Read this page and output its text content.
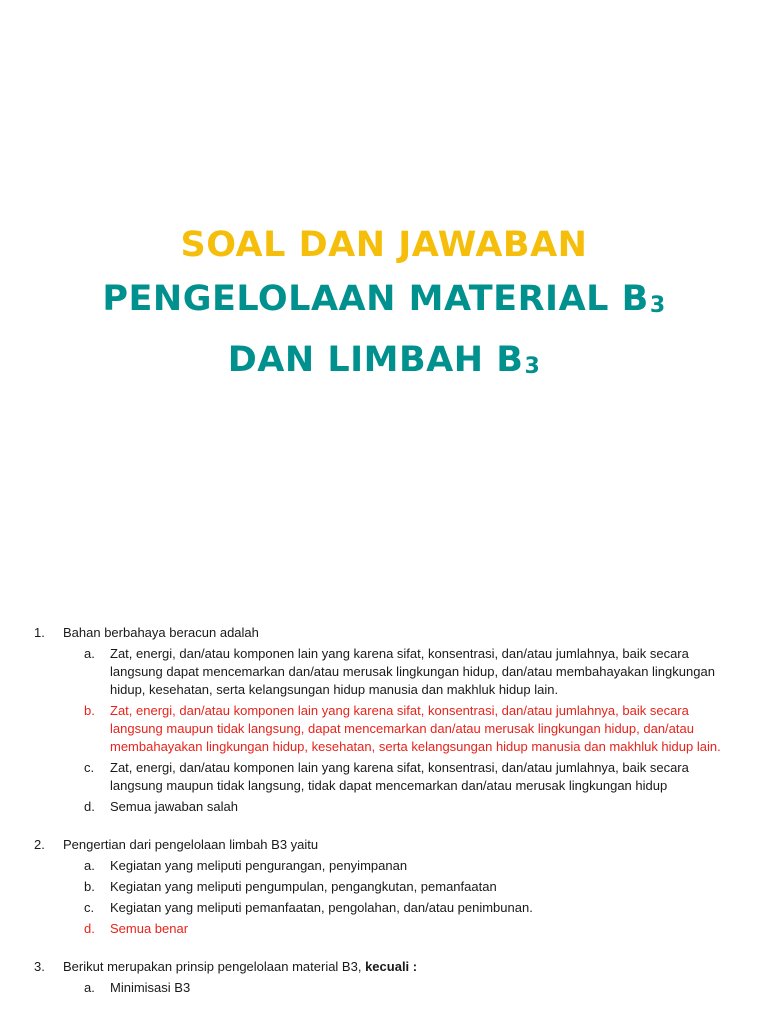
SOAL DAN JAWABAN

PENGELOLAAN MATERIAL B3

DAN LIMBAH B3

1.	Bahan berbahaya beracun adalah
a.	Zat, energi, dan/atau komponen lain yang karena sifat, konsentrasi, dan/atau jumlahnya, baik secara langsung dapat mencemarkan dan/atau merusak lingkungan hidup, dan/atau membahayakan lingkungan hidup, kesehatan, serta kelangsungan hidup manusia dan makhluk hidup lain.
b.	Zat, energi, dan/atau komponen lain yang karena sifat, konsentrasi, dan/atau jumlahnya, baik secara langsung maupun tidak langsung, dapat mencemarkan dan/atau merusak lingkungan hidup, dan/atau membahayakan lingkungan hidup, kesehatan, serta kelangsungan hidup manusia dan makhluk hidup lain.
c.	Zat, energi, dan/atau komponen lain yang karena sifat, konsentrasi, dan/atau jumlahnya, baik secara langsung maupun tidak langsung, tidak dapat mencemarkan dan/atau merusak lingkungan hidup
d.	Semua jawaban salah
2.	Pengertian dari pengelolaan limbah B3 yaitu
a.	Kegiatan yang meliputi pengurangan, penyimpanan
b.	Kegiatan yang meliputi pengumpulan, pengangkutan, pemanfaatan
c.	Kegiatan yang meliputi pemanfaatan, pengolahan, dan/atau penimbunan.
d.	Semua benar
3.	Berikut merupakan prinsip pengelolaan material B3, kecuali :
a.	Minimisasi B3
